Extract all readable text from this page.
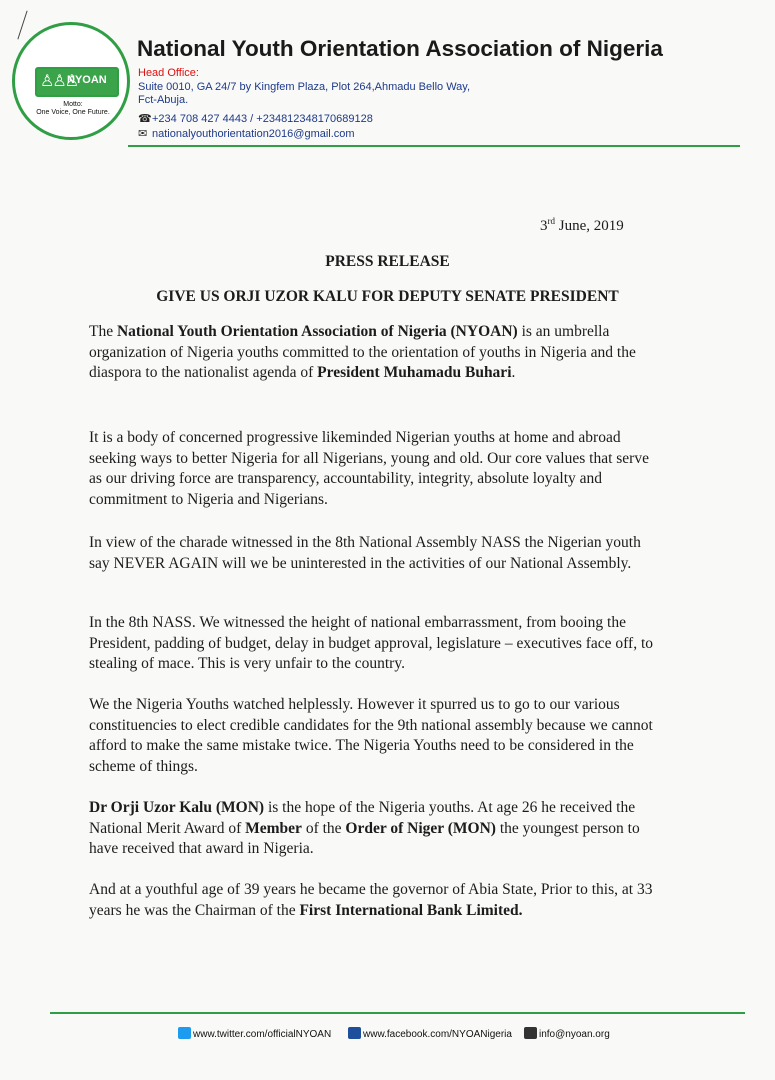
♙♙♙
NYOAN
Motto:
One Voice, One Future.
National Youth Orientation Association of Nigeria
Head Office:
Suite 0010, GA 24/7 by Kingfem Plaza, Plot 264,Ahmadu Bello Way,
Fct-Abuja.
☎+234 708 427 4443 / +2348123481706891​28
✉ nationalyouthorientation2016@gmail.com
3rd June, 2019
PRESS RELEASE
GIVE US ORJI UZOR KALU FOR DEPUTY SENATE PRESIDENT
The National Youth Orientation Association of Nigeria (NYOAN) is an umbrella organization of Nigeria youths committed to the orientation of youths in Nigeria and the diaspora to the nationalist agenda of President Muhamadu Buhari.
It is a body of concerned progressive likeminded Nigerian youths at home and abroad seeking ways to better Nigeria for all Nigerians, young and old. Our core values that serve as our driving force are transparency, accountability, integrity, absolute loyalty and commitment to Nigeria and Nigerians.
In view of the charade witnessed in the 8th National Assembly NASS the Nigerian youth say NEVER AGAIN will we be uninterested in the activities of our National Assembly.
In the 8th NASS. We witnessed the height of national embarrassment, from booing the President, padding of budget, delay in budget approval, legislature – executives face off, to stealing of mace. This is very unfair to the country.
We the Nigeria Youths watched helplessly. However it spurred us to go to our various constituencies to elect credible candidates for the 9th national assembly because we cannot afford to make the same mistake twice. The Nigeria Youths need to be considered in the scheme of things.
Dr Orji Uzor Kalu (MON) is the hope of the Nigeria youths. At age 26 he received the National Merit Award of Member of the Order of Niger (MON) the youngest person to have received that award in Nigeria.
And at a youthful age of 39 years he became the governor of Abia State, Prior to this, at 33 years he was the Chairman of the First International Bank Limited.
www.twitter.com/officialNYOAN	www.facebook.com/NYOANigeria	info@nyoan.org
